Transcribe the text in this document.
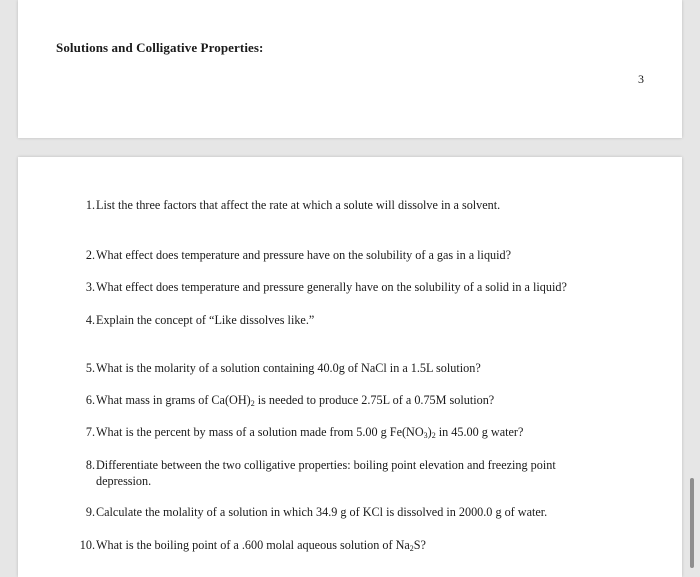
Solutions and Colligative Properties:
3
1. List the three factors that affect the rate at which a solute will dissolve in a solvent.
2. What effect does temperature and pressure have on the solubility of a gas in a liquid?
3. What effect does temperature and pressure generally have on the solubility of a solid in a liquid?
4. Explain the concept of “Like dissolves like.”
5. What is the molarity of a solution containing 40.0g of NaCl in a 1.5L solution?
6. What mass in grams of $Ca(OH)_2$ is needed to produce 2.75L of a 0.75M solution?
7. What is the percent by mass of a solution made from 5.00 g $Fe(NO_3)_2$ in 45.00 g water?
8. Differentiate between the two colligative properties: boiling point elevation and freezing point depression.
9. Calculate the molality of a solution in which 34.9 g of KCl is dissolved in 2000.0 g of water.
10. What is the boiling point of a .600 molal aqueous solution of $Na_2S$?
